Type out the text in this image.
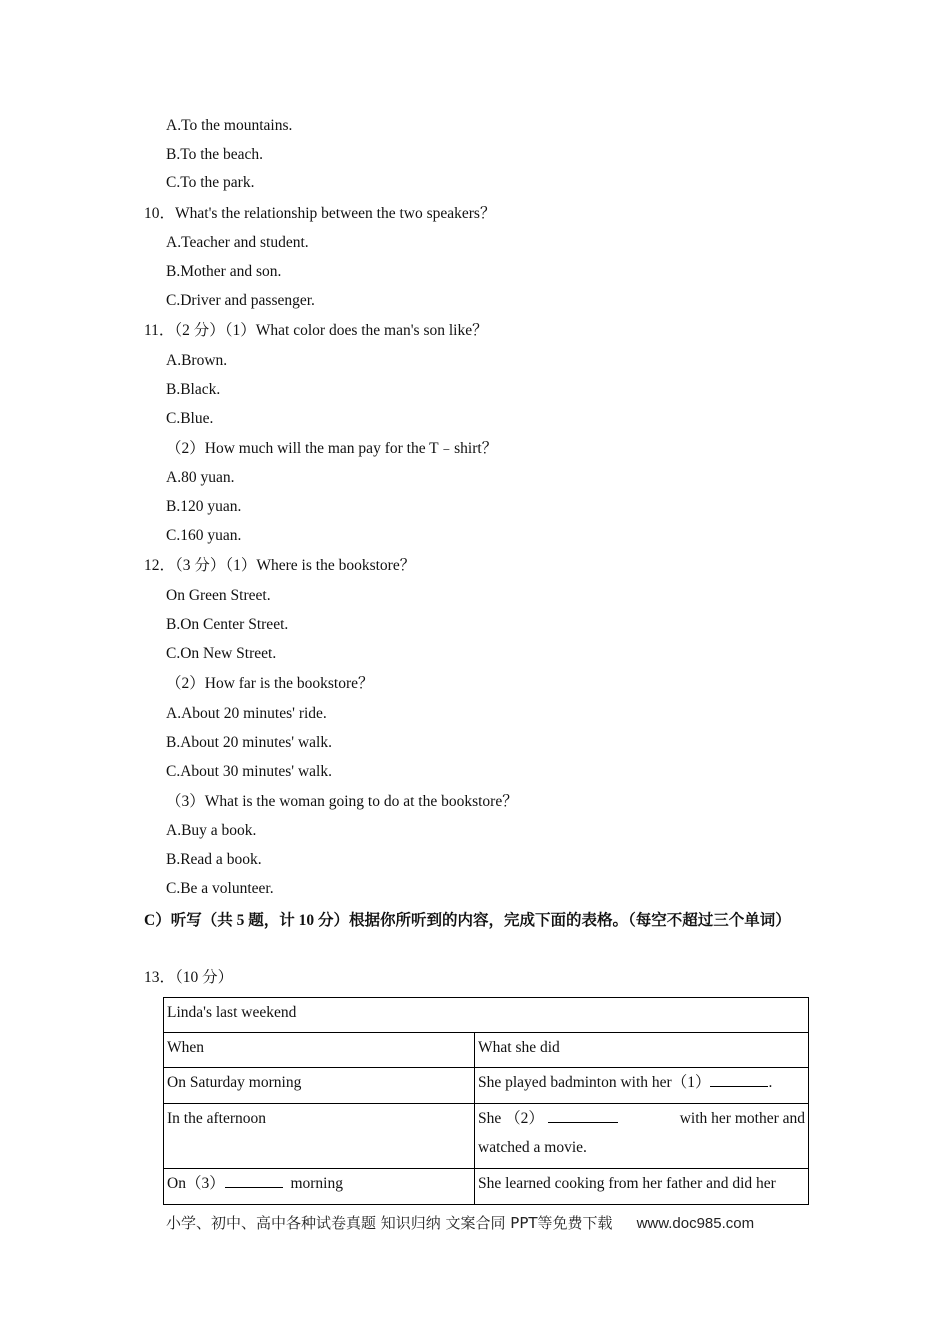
A.To the mountains.
B.To the beach.
C.To the park.
10．What's the relationship between the two speakers？
A.Teacher and student.
B.Mother and son.
C.Driver and passenger.
11．（2 分）（1）What color does the man's son like？
A.Brown.
B.Black.
C.Blue.
（2）How much will the man pay for the T﹣shirt？
A.80 yuan.
B.120 yuan.
C.160 yuan.
12．（3 分）（1）Where is the bookstore？
On Green Street.
B.On Center Street.
C.On New Street.
（2）How far is the bookstore？
A.About 20 minutes' ride.
B.About 20 minutes' walk.
C.About 30 minutes' walk.
（3）What is the woman going to do at the bookstore？
A.Buy a book.
B.Read a book.
C.Be a volunteer.
C）听写（共 5 题，计 10 分）根据你所听到的内容，完成下面的表格。（每空不超过三个单词）
13．（10 分）
Linda's last weekend	
When	What she did
On Saturday morning	She played badminton with her（1） .
In the afternoon	She （2） with her mother and
watched a movie.

On（3） morning	She learned cooking from her father and did her
小学、初中、高中各种试卷真题 知识归纳 文案合同 PPT等免费下载 www.doc985.com
